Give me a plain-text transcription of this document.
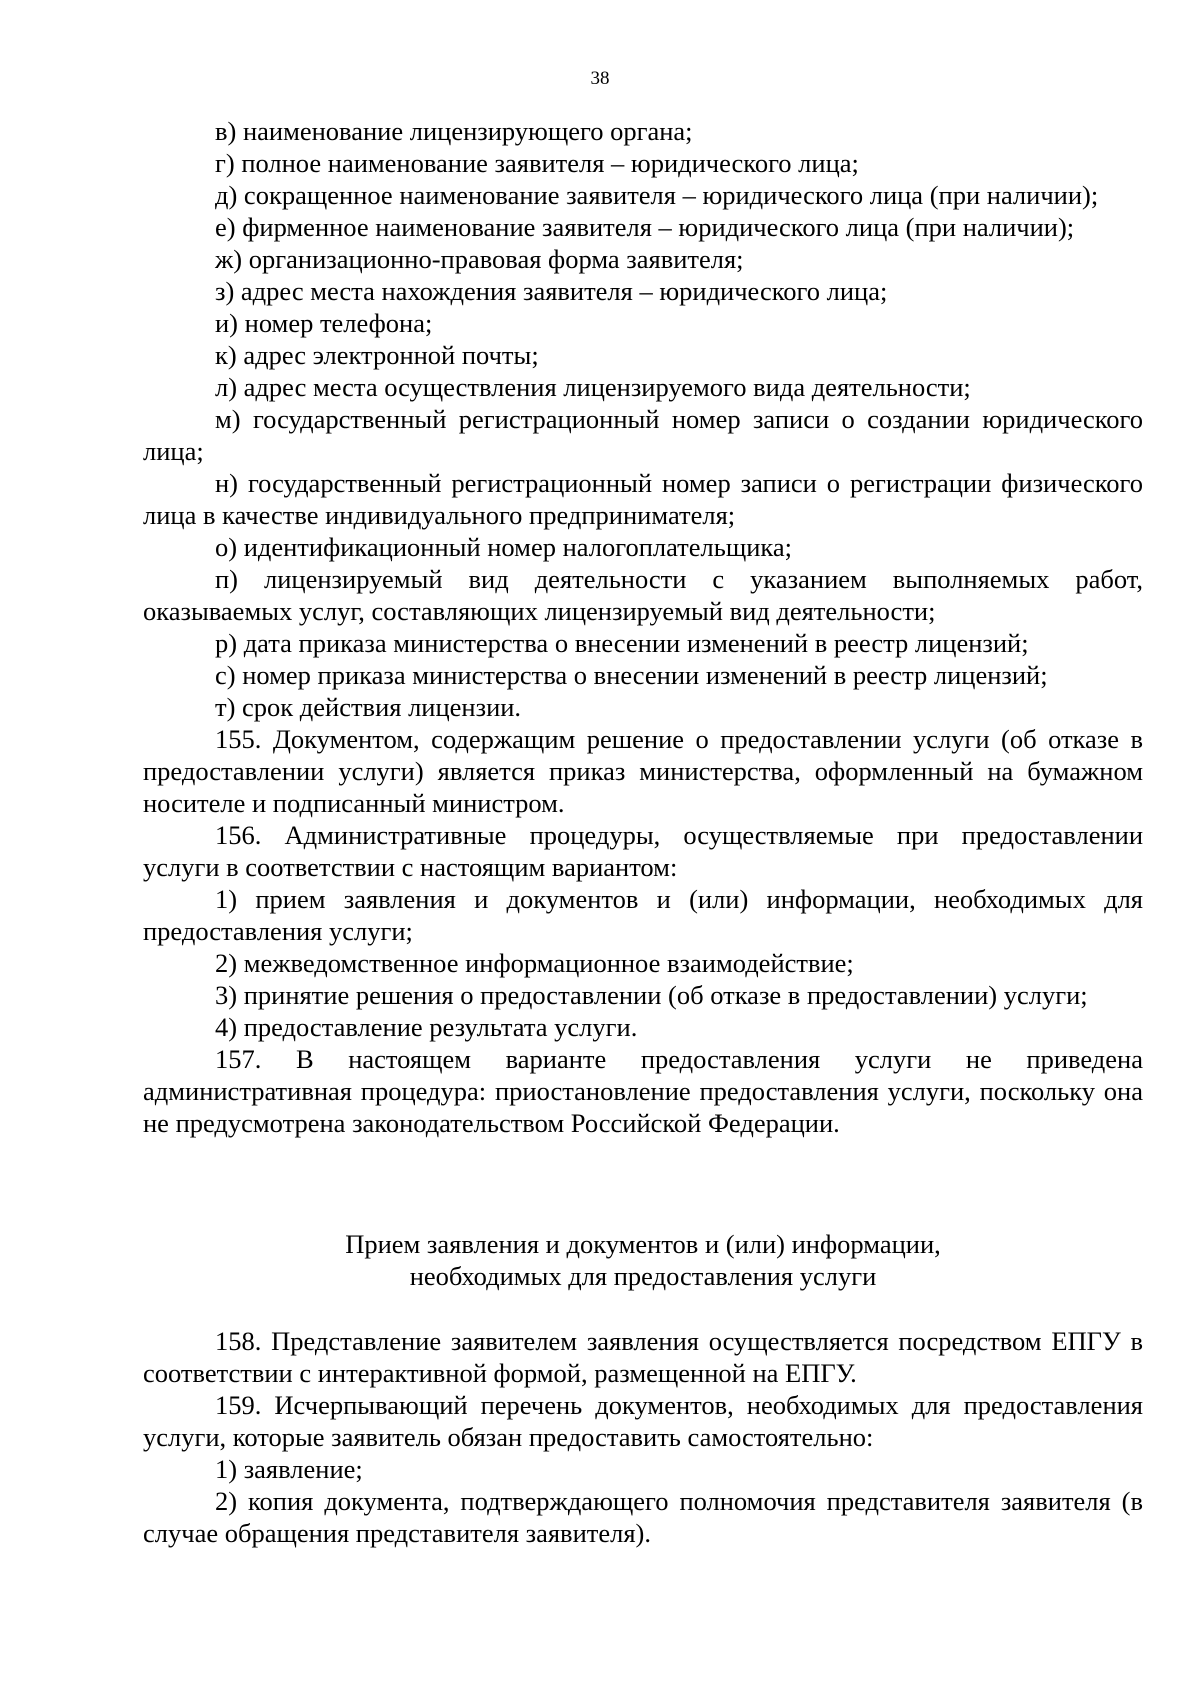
38

в) наименование лицензирующего органа;

г) полное наименование заявителя – юридического лица;

д) сокращенное наименование заявителя – юридического лица (при наличии);

е) фирменное наименование заявителя – юридического лица (при наличии);

ж) организационно-правовая форма заявителя;

з) адрес места нахождения заявителя – юридического лица;

и) номер телефона;

к) адрес электронной почты;

л) адрес места осуществления лицензируемого вида деятельности;

м) государственный регистрационный номер записи о создании юридического лица;

н) государственный регистрационный номер записи о регистрации физического лица в качестве индивидуального предпринимателя;

о) идентификационный номер налогоплательщика;

п) лицензируемый вид деятельности с указанием выполняемых работ, оказываемых услуг, составляющих лицензируемый вид деятельности;

р) дата приказа министерства о внесении изменений в реестр лицензий;

с) номер приказа министерства о внесении изменений в реестр лицензий;

т) срок действия лицензии.

155. Документом, содержащим решение о предоставлении услуги (об отказе в предоставлении услуги) является приказ министерства, оформленный на бумажном носителе и подписанный министром.

156. Административные процедуры, осуществляемые при предоставлении услуги в соответствии с настоящим вариантом:

1) прием заявления и документов и (или) информации, необходимых для предоставления услуги;

2) межведомственное информационное взаимодействие;

3) принятие решения о предоставлении (об отказе в предоставлении) услуги;

4) предоставление результата услуги.

157. В настоящем варианте предоставления услуги не приведена административная процедура: приостановление предоставления услуги, поскольку она не предусмотрена законодательством Российской Федерации.

Прием заявления и документов и (или) информации,
необходимых для предоставления услуги

158. Представление заявителем заявления осуществляется посредством ЕПГУ в соответствии с интерактивной формой, размещенной на ЕПГУ.

159. Исчерпывающий перечень документов, необходимых для предоставления услуги, которые заявитель обязан предоставить самостоятельно:

1) заявление;

2) копия документа, подтверждающего полномочия представителя заявителя (в случае обращения представителя заявителя).
